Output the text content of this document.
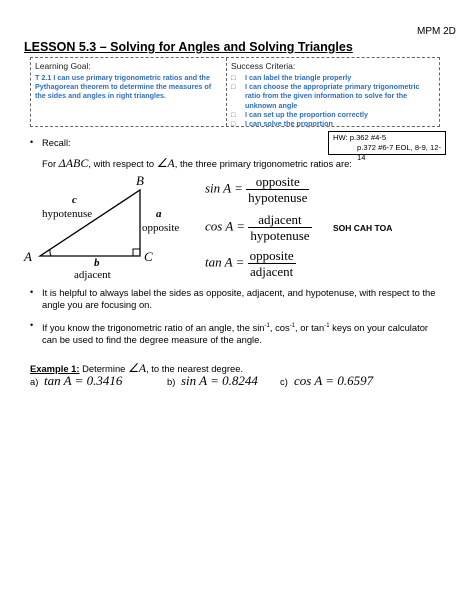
MPM 2D
LESSON 5.3 – Solving for Angles and Solving Triangles
Learning Goal:
T 2.1 I can use primary trigonometric ratios and the Pythagorean theorem to determine the measures of the sides and angles in right triangles.
Success Criteria:
□	I can label the triangle properly
□	I can choose the appropriate primary trigonometric ratio from the given information to solve for the unknown angle
□	I can set up the proportion correctly
□	I can solve the proportion
HW: p.362 #4-5
p.372 #6-7 EOL, 8-9, 12-14
• Recall:
For ΔABC, with respect to ∠A, the three primary trigonometric ratios are:
B
A	C
c
hypotenuse	a
opposite
b
adjacent
$\sin A = \frac{\text{opposite}}{\text{hypotenuse}}$
$\cos A = \frac{\text{adjacent}}{\text{hypotenuse}}$
$\tan A = \frac{\text{opposite}}{\text{adjacent}}$
SOH CAH TOA
• It is helpful to always label the sides as opposite, adjacent, and hypotenuse, with respect to the angle you are focusing on.
• If you know the trigonometric ratio of an angle, the $\sin^{-1}$, $\cos^{-1}$, or $\tan^{-1}$ keys on your calculator can be used to find the degree measure of the angle.
Example 1: Determine ∠A, to the nearest degree.
a) tan A = 0.3416	b) sin A = 0.8244 c) cos A = 0.6597
